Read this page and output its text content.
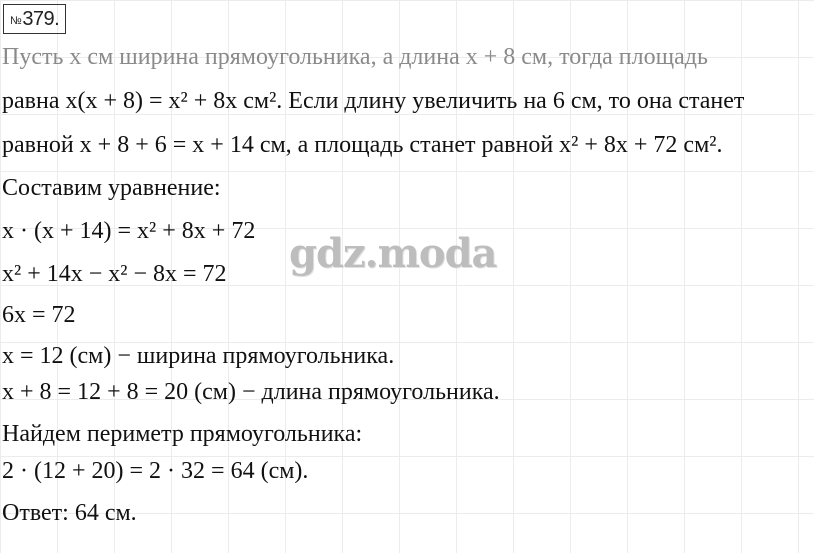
№379.
Пусть x см ширина прямоугольника, а длина x + 8 см, тогда площадь
равна x(x + 8) = x² + 8x см². Если длину увеличить на 6 см, то она станет
равной x + 8 + 6 = x + 14 см, а площадь станет равной x² + 8x + 72 см².
Составим уравнение:
x · (x + 14) = x² + 8x + 72
x² + 14x − x² − 8x = 72
6x = 72
x = 12 (см) − ширина прямоугольника.
x + 8 = 12 + 8 = 20 (см) − длина прямоугольника.
Найдем периметр прямоугольника:
2 · (12 + 20) = 2 · 32 = 64 (см).
Ответ: 64 см.
gdz.moda
